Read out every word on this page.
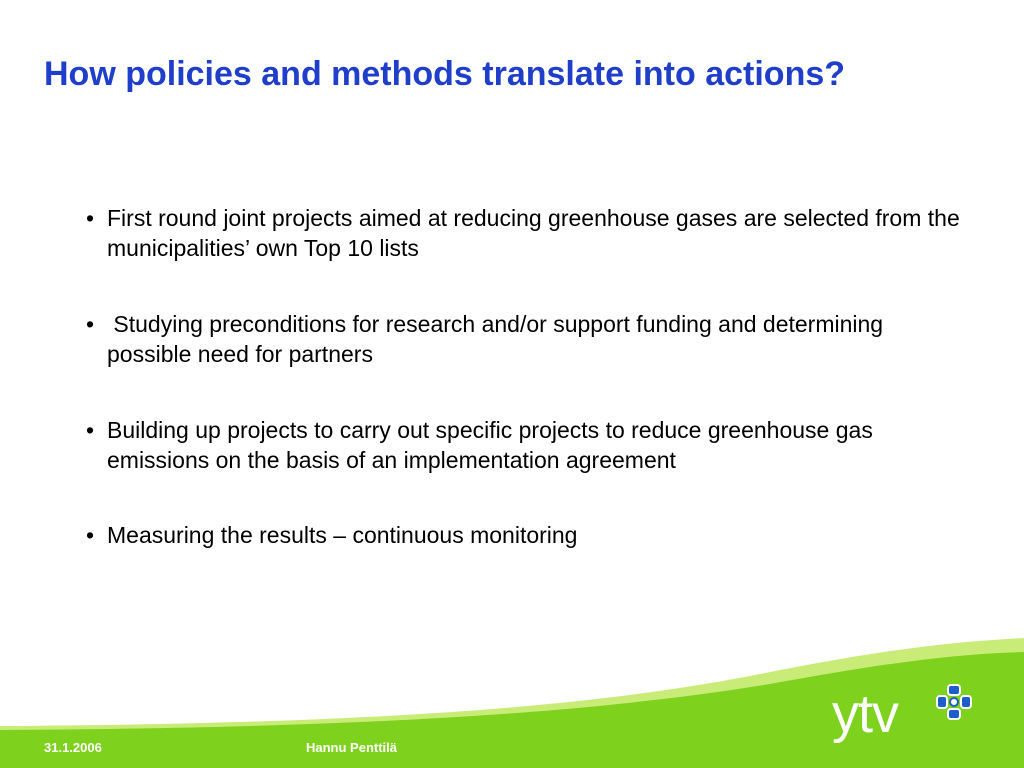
How policies and methods translate into actions?
• First round joint projects aimed at reducing greenhouse gases are selected from the municipalities’ own Top 10 lists
• Studying preconditions for research and/or support funding and determining possible need for partners
• Building up projects to carry out specific projects to reduce greenhouse gas emissions on the basis of an implementation agreement
• Measuring the results – continuous monitoring
31.1.2006	Hannu Penttilä
ytv
